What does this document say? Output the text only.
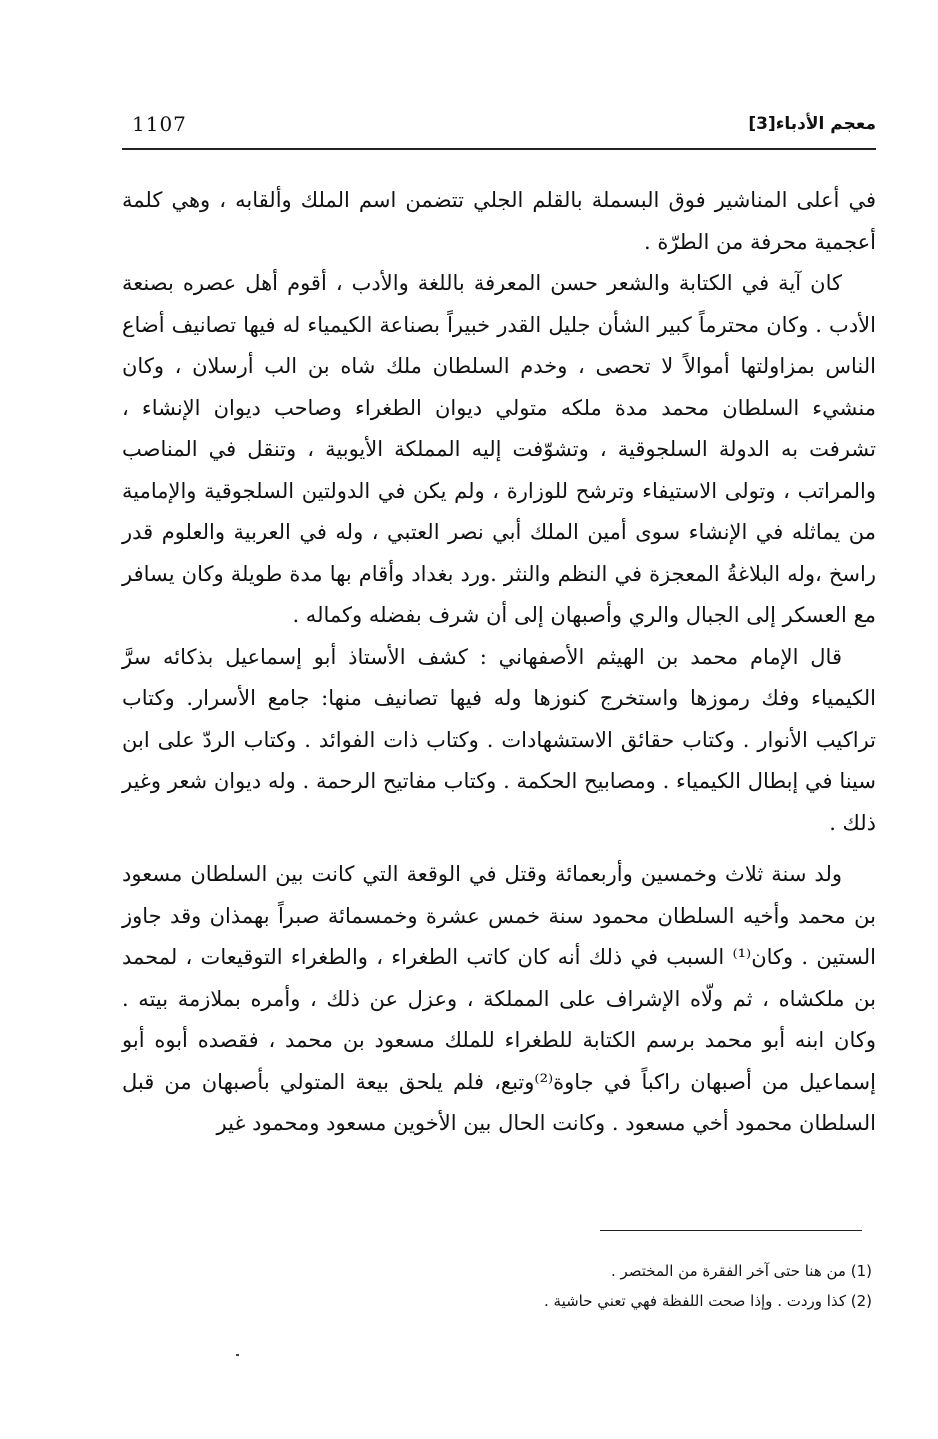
1107	معجم الأدباء[3]

في أعلى المناشير فوق البسملة بالقلم الجلي تتضمن اسم الملك وألقابه ، وهي كلمة أعجمية محرفة من الطرّة .

كان آية في الكتابة والشعر حسن المعرفة باللغة والأدب ، أقوم أهل عصره بصنعة الأدب . وكان محترماً كبير الشأن جليل القدر خبيراً بصناعة الكيمياء له فيها تصانيف أضاع الناس بمزاولتها أموالاً لا تحصى ، وخدم السلطان ملك شاه بن الب أرسلان ، وكان منشيء السلطان محمد مدة ملكه متولي ديوان الطغراء وصاحب ديوان الإنشاء ، تشرفت به الدولة السلجوقية ، وتشوّفت إليه المملكة الأيوبية ، وتنقل في المناصب والمراتب ، وتولى الاستيفاء وترشح للوزارة ، ولم يكن في الدولتين السلجوقية والإمامية من يماثله في الإنشاء سوى أمين الملك أبي نصر العتبي ، وله في العربية والعلوم قدر راسخ ،وله البلاغةُ المعجزة في النظم والنثر .ورد بغداد وأقام بها مدة طويلة وكان يسافر مع العسكر إلى الجبال والري وأصبهان إلى أن شرف بفضله وكماله .

قال الإمام محمد بن الهيثم الأصفهاني : كشف الأستاذ أبو إسماعيل بذكائه سرَّ الكيمياء وفك رموزها واستخرج كنوزها وله فيها تصانيف منها: جامع الأسرار. وكتاب تراكيب الأنوار . وكتاب حقائق الاستشهادات . وكتاب ذات الفوائد . وكتاب الردّ على ابن سينا في إبطال الكيمياء . ومصابيح الحكمة . وكتاب مفاتيح الرحمة . وله ديوان شعر وغير ذلك .

ولد سنة ثلاث وخمسين وأربعمائة وقتل في الوقعة التي كانت بين السلطان مسعود بن محمد وأخيه السلطان محمود سنة خمس عشرة وخمسمائة صبراً بهمذان وقد جاوز الستين . وكان⁽¹⁾ السبب في ذلك أنه كان كاتب الطغراء ، والطغراء التوقيعات ، لمحمد بن ملكشاه ، ثم ولّاه الإشراف على المملكة ، وعزل عن ذلك ، وأمره بملازمة بيته . وكان ابنه أبو محمد برسم الكتابة للطغراء للملك مسعود بن محمد ، فقصده أبوه أبو إسماعيل من أصبهان راكباً في جاوة⁽²⁾وتبع، فلم يلحق بيعة المتولي بأصبهان من قبل السلطان محمود أخي مسعود . وكانت الحال بين الأخوين مسعود ومحمود غير

(1) من هنا حتى آخر الفقرة من المختصر .
(2) كذا وردت . وإذا صحت اللفظة فهي تعني حاشية .
